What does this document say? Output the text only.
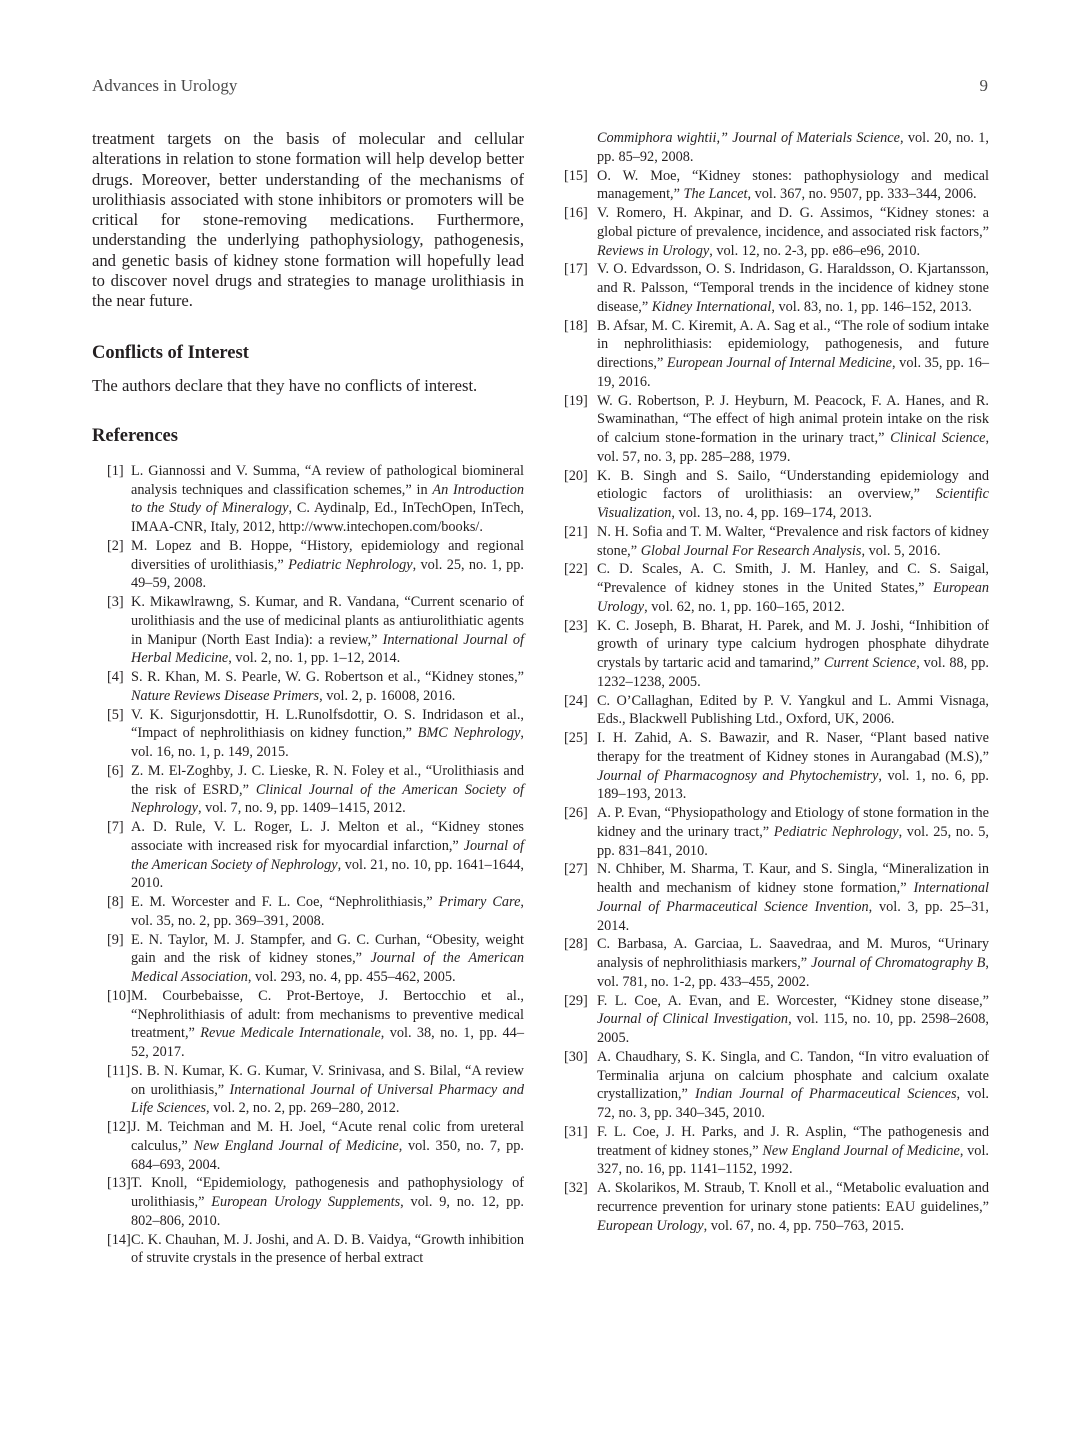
Advances in Urology	9

treatment targets on the basis of molecular and cellular alterations in relation to stone formation will help develop better drugs. Moreover, better understanding of the mechanisms of urolithiasis associated with stone inhibitors or promoters will be critical for stone-removing medications. Furthermore, understanding the underlying pathophysiology, pathogenesis, and genetic basis of kidney stone formation will hopefully lead to discover novel drugs and strategies to manage urolithiasis in the near future.

Conflicts of Interest

The authors declare that they have no conflicts of interest.

References
[1] L. Giannossi and V. Summa, “A review of pathological biomineral analysis techniques and classification schemes,” in An Introduction to the Study of Mineralogy, C. Aydinalp, Ed., InTechOpen, InTech, IMAA-CNR, Italy, 2012, http://www.intechopen.com/books/.
[2] M. Lopez and B. Hoppe, “History, epidemiology and regional diversities of urolithiasis,” Pediatric Nephrology, vol. 25, no. 1, pp. 49–59, 2008.
[3] K. Mikawlrawng, S. Kumar, and R. Vandana, “Current scenario of urolithiasis and the use of medicinal plants as antiurolithiatic agents in Manipur (North East India): a review,” International Journal of Herbal Medicine, vol. 2, no. 1, pp. 1–12, 2014.
[4] S. R. Khan, M. S. Pearle, W. G. Robertson et al., “Kidney stones,” Nature Reviews Disease Primers, vol. 2, p. 16008, 2016.
[5] V. K. Sigurjonsdottir, H. L.Runolfsdottir, O. S. Indridason et al., “Impact of nephrolithiasis on kidney function,” BMC Nephrology, vol. 16, no. 1, p. 149, 2015.
[6] Z. M. El-Zoghby, J. C. Lieske, R. N. Foley et al., “Urolithiasis and the risk of ESRD,” Clinical Journal of the American Society of Nephrology, vol. 7, no. 9, pp. 1409–1415, 2012.
[7] A. D. Rule, V. L. Roger, L. J. Melton et al., “Kidney stones associate with increased risk for myocardial infarction,” Journal of the American Society of Nephrology, vol. 21, no. 10, pp. 1641–1644, 2010.
[8] E. M. Worcester and F. L. Coe, “Nephrolithiasis,” Primary Care, vol. 35, no. 2, pp. 369–391, 2008.
[9] E. N. Taylor, M. J. Stampfer, and G. C. Curhan, “Obesity, weight gain and the risk of kidney stones,” Journal of the American Medical Association, vol. 293, no. 4, pp. 455–462, 2005.
[10] M. Courbebaisse, C. Prot-Bertoye, J. Bertocchio et al., “Nephrolithiasis of adult: from mechanisms to preventive medical treatment,” Revue Medicale Internationale, vol. 38, no. 1, pp. 44–52, 2017.
[11] S. B. N. Kumar, K. G. Kumar, V. Srinivasa, and S. Bilal, “A review on urolithiasis,” International Journal of Universal Pharmacy and Life Sciences, vol. 2, no. 2, pp. 269–280, 2012.
[12] J. M. Teichman and M. H. Joel, “Acute renal colic from ureteral calculus,” New England Journal of Medicine, vol. 350, no. 7, pp. 684–693, 2004.
[13] T. Knoll, “Epidemiology, pathogenesis and pathophysiology of urolithiasis,” European Urology Supplements, vol. 9, no. 12, pp. 802–806, 2010.
[14] C. K. Chauhan, M. J. Joshi, and A. D. B. Vaidya, “Growth inhibition of struvite crystals in the presence of herbal extract
Commiphora wightii,” Journal of Materials Science, vol. 20, no. 1, pp. 85–92, 2008.
[15] O. W. Moe, “Kidney stones: pathophysiology and medical management,” The Lancet, vol. 367, no. 9507, pp. 333–344, 2006.
[16] V. Romero, H. Akpinar, and D. G. Assimos, “Kidney stones: a global picture of prevalence, incidence, and associated risk factors,” Reviews in Urology, vol. 12, no. 2-3, pp. e86–e96, 2010.
[17] V. O. Edvardsson, O. S. Indridason, G. Haraldsson, O. Kjartansson, and R. Palsson, “Temporal trends in the incidence of kidney stone disease,” Kidney International, vol. 83, no. 1, pp. 146–152, 2013.
[18] B. Afsar, M. C. Kiremit, A. A. Sag et al., “The role of sodium intake in nephrolithiasis: epidemiology, pathogenesis, and future directions,” European Journal of Internal Medicine, vol. 35, pp. 16–19, 2016.
[19] W. G. Robertson, P. J. Heyburn, M. Peacock, F. A. Hanes, and R. Swaminathan, “The effect of high animal protein intake on the risk of calcium stone-formation in the urinary tract,” Clinical Science, vol. 57, no. 3, pp. 285–288, 1979.
[20] K. B. Singh and S. Sailo, “Understanding epidemiology and etiologic factors of urolithiasis: an overview,” Scientific Visualization, vol. 13, no. 4, pp. 169–174, 2013.
[21] N. H. Sofia and T. M. Walter, “Prevalence and risk factors of kidney stone,” Global Journal For Research Analysis, vol. 5, 2016.
[22] C. D. Scales, A. C. Smith, J. M. Hanley, and C. S. Saigal, “Prevalence of kidney stones in the United States,” European Urology, vol. 62, no. 1, pp. 160–165, 2012.
[23] K. C. Joseph, B. Bharat, H. Parek, and M. J. Joshi, “Inhibition of growth of urinary type calcium hydrogen phosphate dihydrate crystals by tartaric acid and tamarind,” Current Science, vol. 88, pp. 1232–1238, 2005.
[24] C. O’Callaghan, Edited by P. V. Yangkul and L. Ammi Visnaga, Eds., Blackwell Publishing Ltd., Oxford, UK, 2006.
[25] I. H. Zahid, A. S. Bawazir, and R. Naser, “Plant based native therapy for the treatment of Kidney stones in Aurangabad (M.S),” Journal of Pharmacognosy and Phytochemistry, vol. 1, no. 6, pp. 189–193, 2013.
[26] A. P. Evan, “Physiopathology and Etiology of stone formation in the kidney and the urinary tract,” Pediatric Nephrology, vol. 25, no. 5, pp. 831–841, 2010.
[27] N. Chhiber, M. Sharma, T. Kaur, and S. Singla, “Mineralization in health and mechanism of kidney stone formation,” International Journal of Pharmaceutical Science Invention, vol. 3, pp. 25–31, 2014.
[28] C. Barbasa, A. Garciaa, L. Saavedraa, and M. Muros, “Urinary analysis of nephrolithiasis markers,” Journal of Chromatography B, vol. 781, no. 1-2, pp. 433–455, 2002.
[29] F. L. Coe, A. Evan, and E. Worcester, “Kidney stone disease,” Journal of Clinical Investigation, vol. 115, no. 10, pp. 2598–2608, 2005.
[30] A. Chaudhary, S. K. Singla, and C. Tandon, “In vitro evaluation of Terminalia arjuna on calcium phosphate and calcium oxalate crystallization,” Indian Journal of Pharmaceutical Sciences, vol. 72, no. 3, pp. 340–345, 2010.
[31] F. L. Coe, J. H. Parks, and J. R. Asplin, “The pathogenesis and treatment of kidney stones,” New England Journal of Medicine, vol. 327, no. 16, pp. 1141–1152, 1992.
[32] A. Skolarikos, M. Straub, T. Knoll et al., “Metabolic evaluation and recurrence prevention for urinary stone patients: EAU guidelines,” European Urology, vol. 67, no. 4, pp. 750–763, 2015.
